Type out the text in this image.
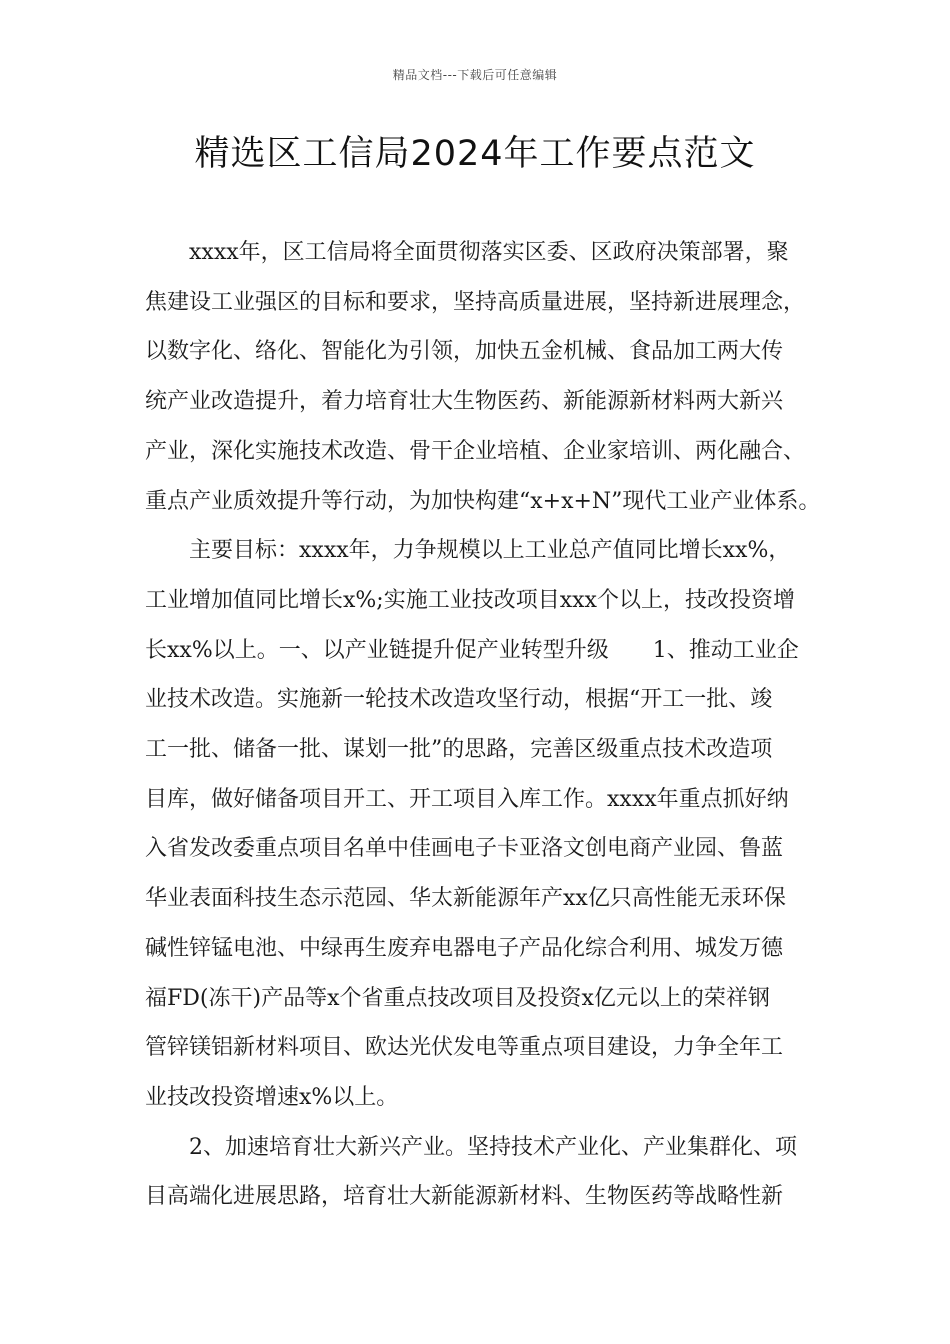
精品文档---下载后可任意编辑
精选区工信局2024年工作要点范文

xxxx年，区工信局将全面贯彻落实区委、区政府决策部署，聚
焦建设工业强区的目标和要求，坚持高质量进展，坚持新进展理念，
以数字化、络化、智能化为引领，加快五金机械、食品加工两大传
统产业改造提升，着力培育壮大生物医药、新能源新材料两大新兴
产业，深化实施技术改造、骨干企业培植、企业家培训、两化融合、
重点产业质效提升等行动，为加快构建“x+x+N”现代工业产业体系。

主要目标：xxxx年，力争规模以上工业总产值同比增长xx%，
工业增加值同比增长x%;实施工业技改项目xxx个以上，技改投资增
长xx%以上。一、以产业链提升促产业转型升级　　1、推动工业企
业技术改造。实施新一轮技术改造攻坚行动，根据“开工一批、竣
工一批、储备一批、谋划一批”的思路，完善区级重点技术改造项
目库，做好储备项目开工、开工项目入库工作。xxxx年重点抓好纳
入省发改委重点项目名单中佳画电子卡亚洛文创电商产业园、鲁蓝
华业表面科技生态示范园、华太新能源年产xx亿只高性能无汞环保
碱性锌锰电池、中绿再生废弃电器电子产品化综合利用、城发万德
福FD(冻干)产品等x个省重点技改项目及投资x亿元以上的荣祥钢
管锌镁铝新材料项目、欧达光伏发电等重点项目建设，力争全年工
业技改投资增速x%以上。

2、加速培育壮大新兴产业。坚持技术产业化、产业集群化、项
目高端化进展思路，培育壮大新能源新材料、生物医药等战略性新
